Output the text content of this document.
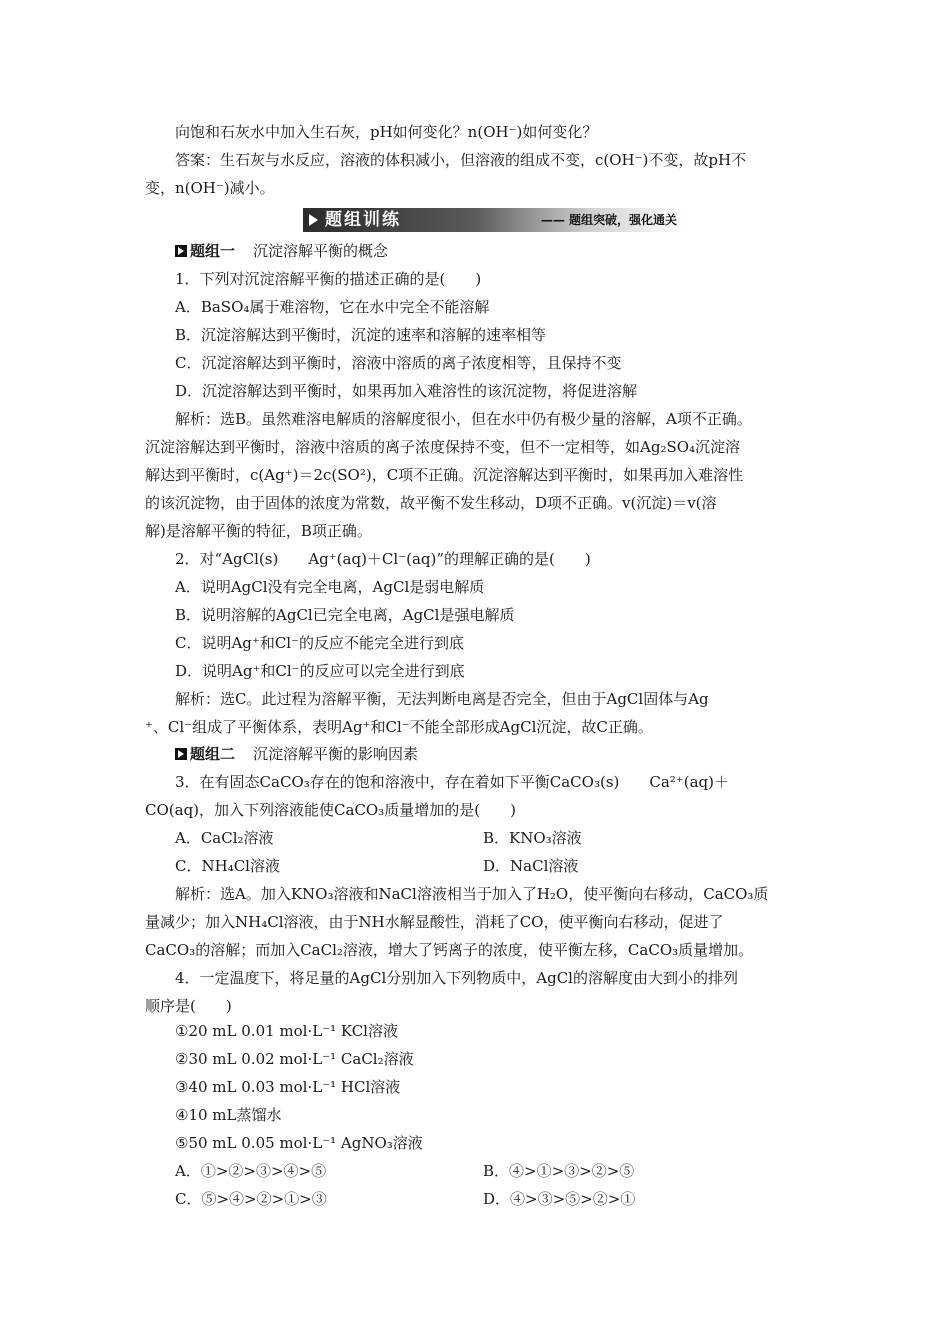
向饱和石灰水中加入生石灰，pH如何变化？n(OH⁻)如何变化？
答案：生石灰与水反应，溶液的体积减小，但溶液的组成不变，c(OH⁻)不变，故pH不
变，n(OH⁻)减小。
题组训练	—— 题组突破，强化通关
题组一 沉淀溶解平衡的概念
1．下列对沉淀溶解平衡的描述正确的是(　　)
A．BaSO₄属于难溶物，它在水中完全不能溶解
B．沉淀溶解达到平衡时，沉淀的速率和溶解的速率相等
C．沉淀溶解达到平衡时，溶液中溶质的离子浓度相等，且保持不变
D．沉淀溶解达到平衡时，如果再加入难溶性的该沉淀物，将促进溶解
解析：选B。虽然难溶电解质的溶解度很小，但在水中仍有极少量的溶解，A项不正确。
沉淀溶解达到平衡时，溶液中溶质的离子浓度保持不变，但不一定相等，如Ag₂SO₄沉淀溶
解达到平衡时，c(Ag⁺)＝2c(SO²)，C项不正确。沉淀溶解达到平衡时，如果再加入难溶性
的该沉淀物，由于固体的浓度为常数，故平衡不发生移动，D项不正确。v(沉淀)＝v(溶
解)是溶解平衡的特征，B项正确。
2．对“AgCl(s)　　Ag⁺(aq)＋Cl⁻(aq)”的理解正确的是(　　)
A．说明AgCl没有完全电离，AgCl是弱电解质
B．说明溶解的AgCl已完全电离，AgCl是强电解质
C．说明Ag⁺和Cl⁻的反应不能完全进行到底
D．说明Ag⁺和Cl⁻的反应可以完全进行到底
解析：选C。此过程为溶解平衡，无法判断电离是否完全，但由于AgCl固体与Ag
⁺、Cl⁻组成了平衡体系，表明Ag⁺和Cl⁻不能全部形成AgCl沉淀，故C正确。
题组二 沉淀溶解平衡的影响因素
3．在有固态CaCO₃存在的饱和溶液中，存在着如下平衡CaCO₃(s)　　Ca²⁺(aq)＋
CO(aq)，加入下列溶液能使CaCO₃质量增加的是(　　)
A．CaCl₂溶液	B．KNO₃溶液
C．NH₄Cl溶液	D．NaCl溶液
解析：选A。加入KNO₃溶液和NaCl溶液相当于加入了H₂O，使平衡向右移动，CaCO₃质
量减少；加入NH₄Cl溶液，由于NH水解显酸性，消耗了CO，使平衡向右移动，促进了
CaCO₃的溶解；而加入CaCl₂溶液，增大了钙离子的浓度，使平衡左移，CaCO₃质量增加。
4．一定温度下，将足量的AgCl分别加入下列物质中，AgCl的溶解度由大到小的排列
顺序是(　　)
①20 mL 0.01 mol·L⁻¹ KCl溶液
②30 mL 0.02 mol·L⁻¹ CaCl₂溶液
③40 mL 0.03 mol·L⁻¹ HCl溶液
④10 mL蒸馏水
⑤50 mL 0.05 mol·L⁻¹ AgNO₃溶液
A．①>②>③>④>⑤	B．④>①>③>②>⑤
C．⑤>④>②>①>③	D．④>③>⑤>②>①
